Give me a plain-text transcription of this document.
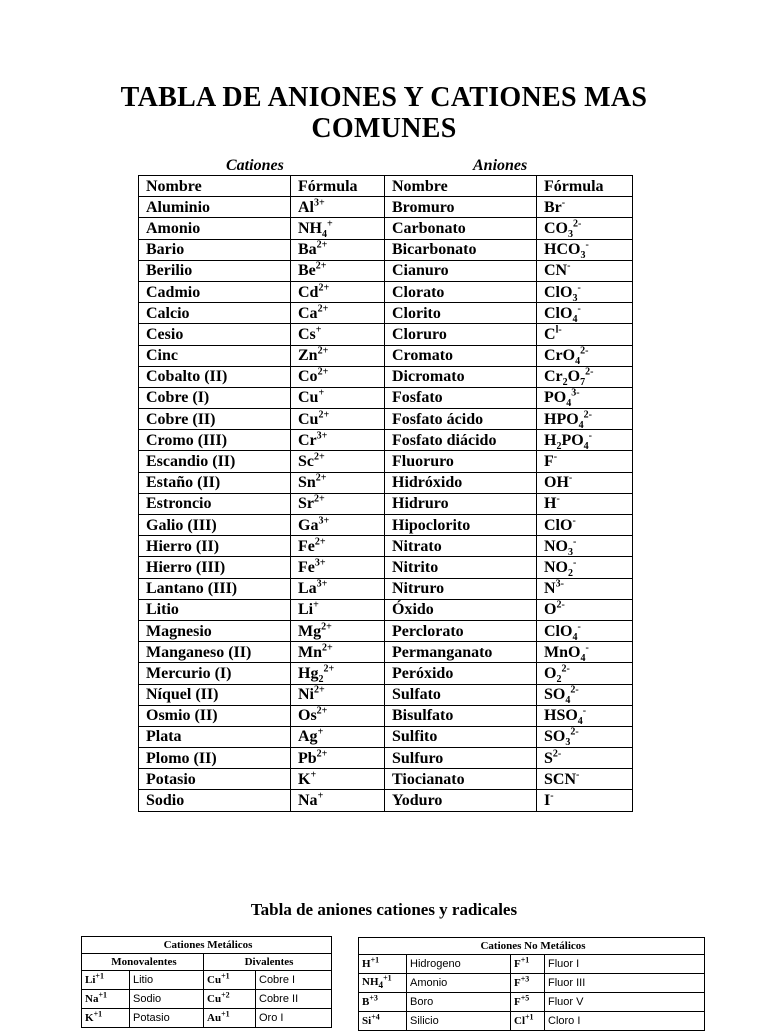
TABLA DE ANIONES Y CATIONES MAS COMUNES
Cationes	Aniones
Nombre	Fórmula	Nombre	Fórmula
Aluminio	$Al^{3+}$	Bromuro	Br-
Amonio	$NH_4^+$	Carbonato	$CO_3^{2-}$
Bario	$Ba^{2+}$	Bicarbonato	$HCO_3^-$
Berilio	$Be^{2+}$	Cianuro	CN-
Cadmio	$Cd^{2+}$	Clorato	ClO$_3$-
Calcio	$Ca^{2+}$	Clorito	ClO$_4$-
Cesio	Cs+	Cloruro	$C^{l-}$
Cinc	$Zn^{2+}$	Cromato	CrO$_4^{2-}$
Cobalto (II)	$Co^{2+}$	Dicromato	$Cr_2O_7^{2-}$
Cobre (I)	Cu+	Fosfato	$PO_4^{3-}$
Cobre (II)	$Cu^{2+}$	Fosfato ácido	$HPO_4^{2-}$
Cromo (III)	$Cr^{3+}$	Fosfato diácido	$H_2PO_4^-$
Escandio (II)	$Sc^{2+}$	Fluoruro	F-
Estaño (II)	$Sn^{2+}$	Hidróxido	OH-
Estroncio	$Sr^{2+}$	Hidruro	H-
Galio (III)	$Ga^{3+}$	Hipoclorito	ClO-
Hierro (II)	$Fe^{2+}$	Nitrato	$NO_3^-$
Hierro (III)	$Fe^{3+}$	Nitrito	$NO_2^-$
Lantano (III)	$La^{3+}$	Nitruro	$N^{3-}$
Litio	Li+	Óxido	$O^{2-}$
Magnesio	$Mg^{2+}$	Perclorato	ClO$_4$-
Manganeso (II)	$Mn^{2+}$	Permanganato	MnO$_4$-
Mercurio (I)	$Hg_2^{2+}$	Peróxido	$O_2^{2-}$
Níquel (II)	$Ni^{2+}$	Sulfato	$SO_4^{2-}$
Osmio (II)	$Os^{2+}$	Bisulfato	$HSO_4^-$
Plata	Ag+	Sulfito	$SO_3^{2-}$
Plomo (II)	$Pb^{2+}$	Sulfuro	$S^{2-}$
Potasio	K+	Tiocianato	SCN-
Sodio	Na+	Yoduro	I-
Tabla de aniones cationes y radicales
Cationes Metálicos			
Monovalentes		Divalentes	
$Li^{+1}$	Litio	$Cu^{+1}$	Cobre I
$Na^{+1}$	Sodio	$Cu^{+2}$	Cobre II
$K^{+1}$	Potasio	$Au^{+1}$	Oro I
Cationes No Metálicos			
$H^{+1}$	Hidrogeno	$F^{+1}$	Fluor I
$NH_4^{+1}$	Amonio	$F^{+3}$	Fluor III
$B^{+3}$	Boro	$F^{+5}$	Fluor V
$Si^{+4}$	Silicio	$Cl^{+1}$	Cloro I
